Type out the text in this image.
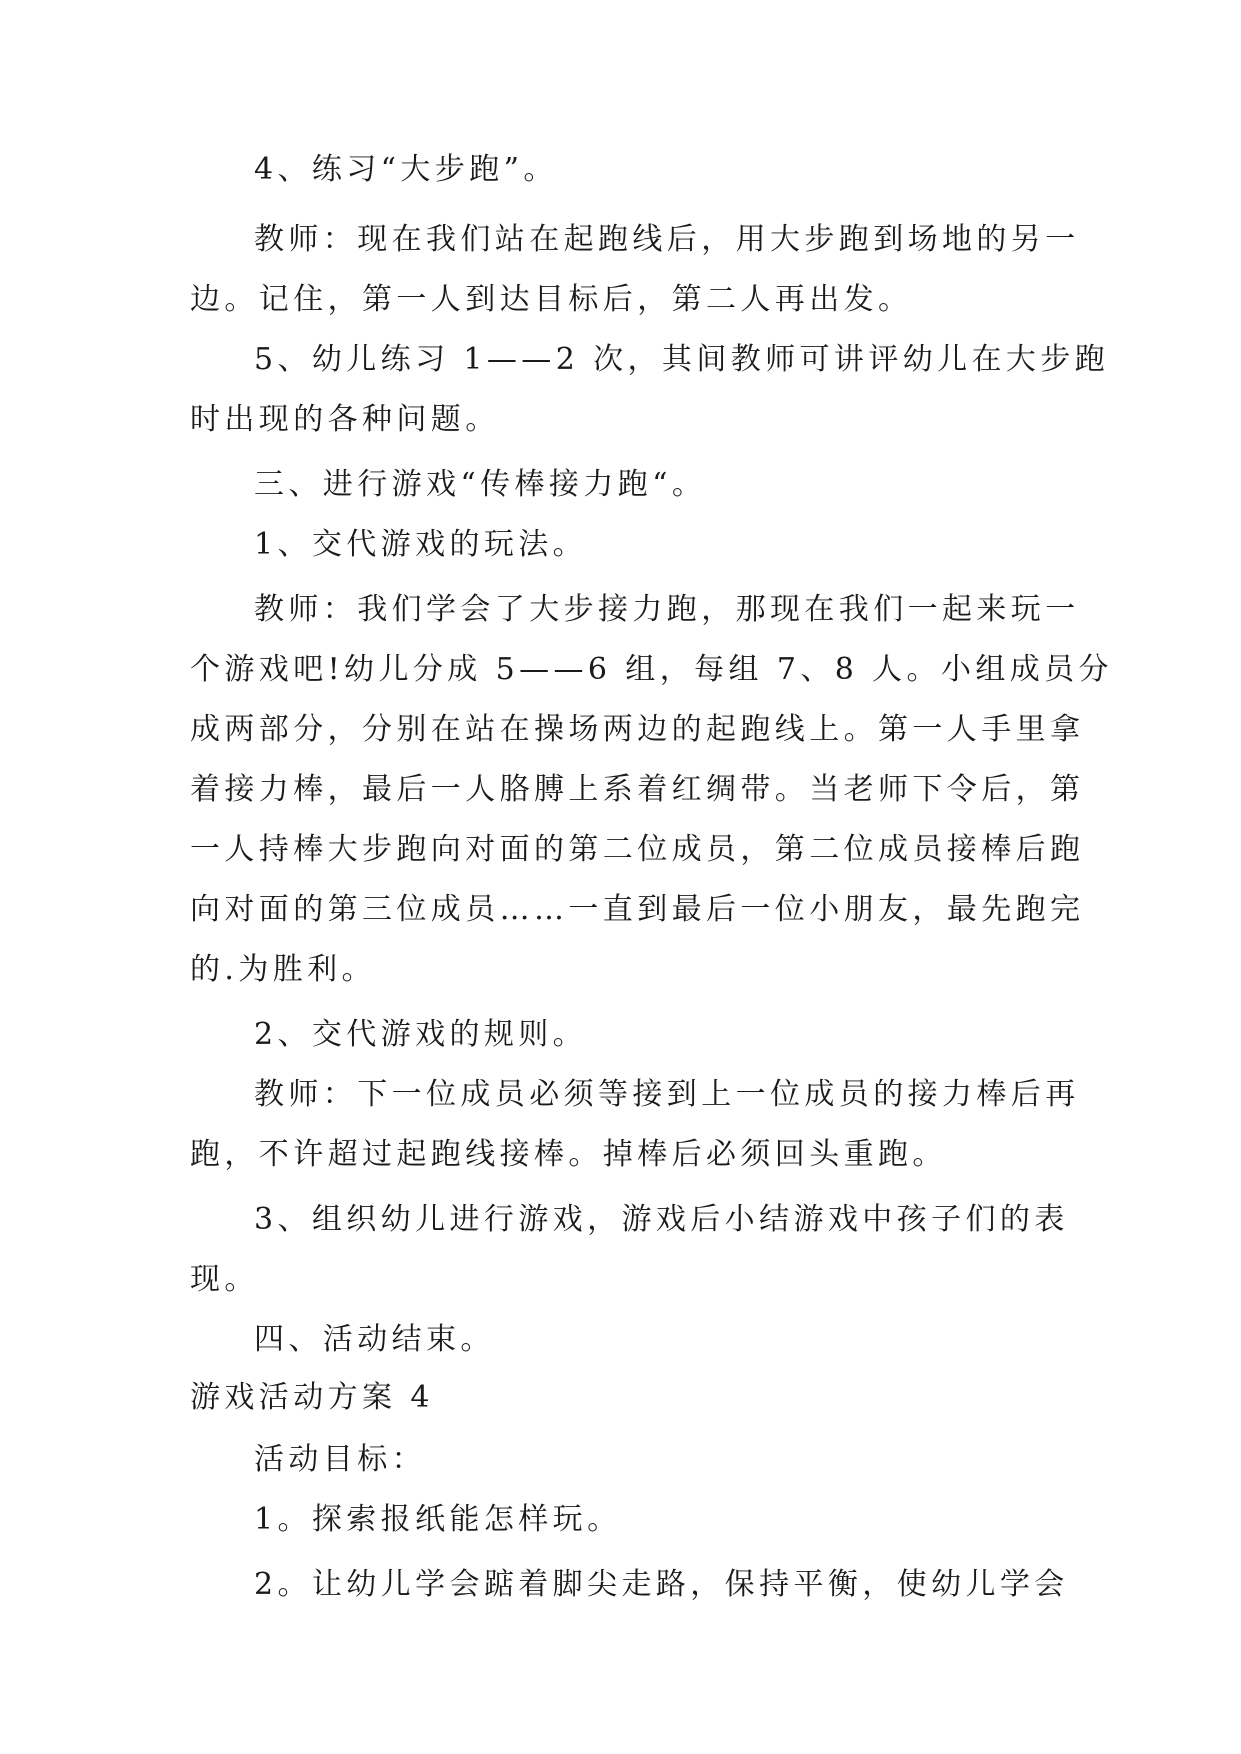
4、练习“大步跑”。
教师：现在我们站在起跑线后，用大步跑到场地的另一
边。记住，第一人到达目标后，第二人再出发。
5、幼儿练习 1——2 次，其间教师可讲评幼儿在大步跑
时出现的各种问题。
三、进行游戏“传棒接力跑“。
1、交代游戏的玩法。
教师：我们学会了大步接力跑，那现在我们一起来玩一
个游戏吧!幼儿分成 5——6 组，每组 7、8 人。小组成员分
成两部分，分别在站在操场两边的起跑线上。第一人手里拿
着接力棒，最后一人胳膊上系着红绸带。当老师下令后，第
一人持棒大步跑向对面的第二位成员，第二位成员接棒后跑
向对面的第三位成员……一直到最后一位小朋友，最先跑完
的.为胜利。
2、交代游戏的规则。
教师：下一位成员必须等接到上一位成员的接力棒后再
跑，不许超过起跑线接棒。掉棒后必须回头重跑。
3、组织幼儿进行游戏，游戏后小结游戏中孩子们的表
现。
四、活动结束。
游戏活动方案 4
活动目标：
1。探索报纸能怎样玩。
2。让幼儿学会踮着脚尖走路，保持平衡，使幼儿学会
